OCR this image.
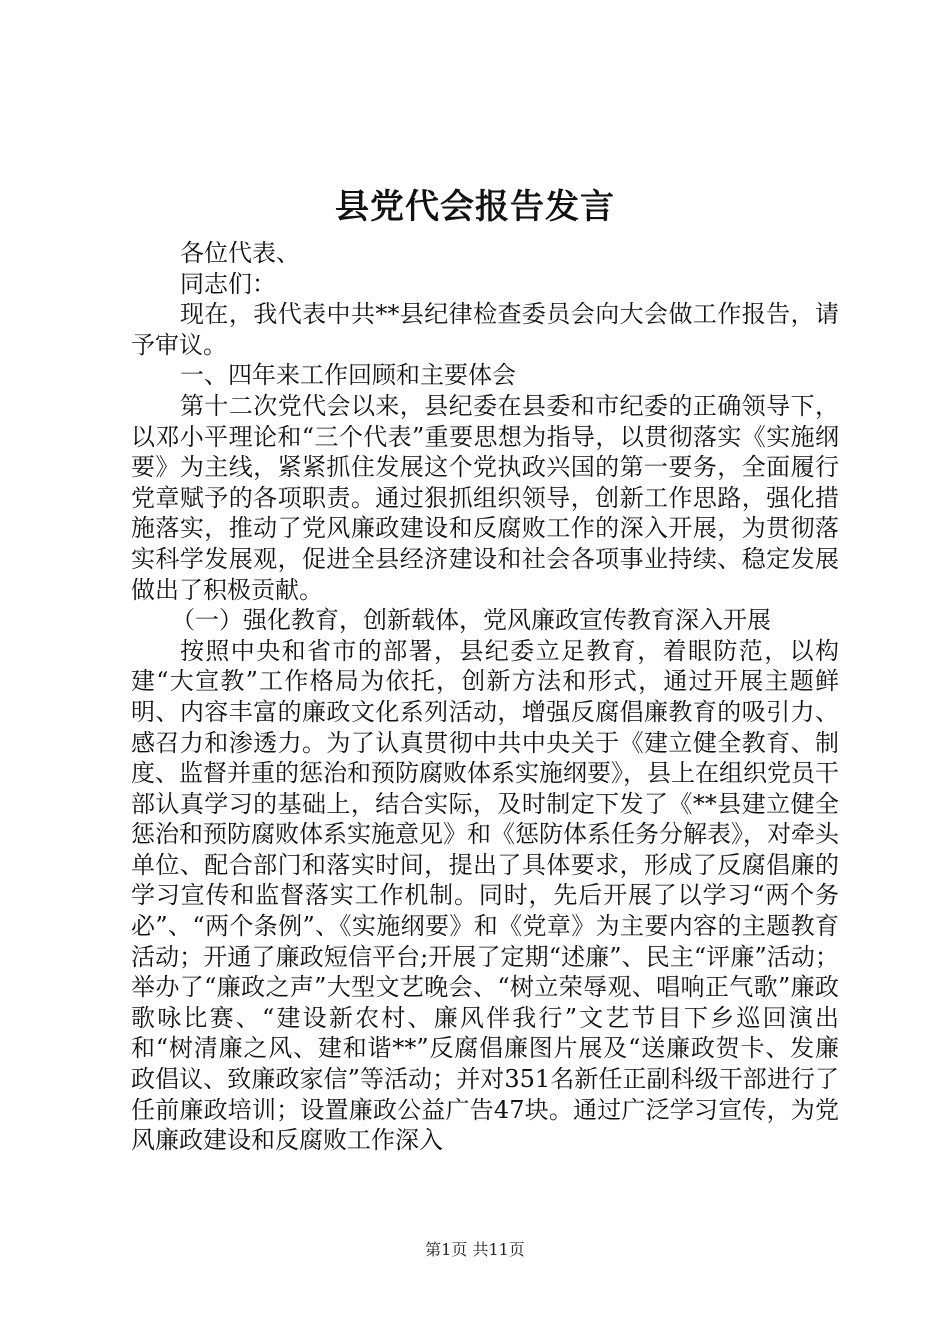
县党代会报告发言

各位代表、

同志们：

现在，我代表中共**县纪律检查委员会向大会做工作报告，请予审议。

一、四年来工作回顾和主要体会

第十二次党代会以来，县纪委在县委和市纪委的正确领导下，以邓小平理论和“三个代表”重要思想为指导，以贯彻落实《实施纲要》为主线，紧紧抓住发展这个党执政兴国的第一要务，全面履行党章赋予的各项职责。通过狠抓组织领导，创新工作思路，强化措施落实，推动了党风廉政建设和反腐败工作的深入开展，为贯彻落实科学发展观，促进全县经济建设和社会各项事业持续、稳定发展做出了积极贡献。

（一）强化教育，创新载体，党风廉政宣传教育深入开展

按照中央和省市的部署，县纪委立足教育，着眼防范，以构建“大宣教”工作格局为依托，创新方法和形式，通过开展主题鲜明、内容丰富的廉政文化系列活动，增强反腐倡廉教育的吸引力、感召力和渗透力。为了认真贯彻中共中央关于《建立健全教育、制度、监督并重的惩治和预防腐败体系实施纲要》，县上在组织党员干部认真学习的基础上，结合实际，及时制定下发了《**县建立健全惩治和预防腐败体系实施意见》和《惩防体系任务分解表》，对牵头单位、配合部门和落实时间，提出了具体要求，形成了反腐倡廉的学习宣传和监督落实工作机制。同时，先后开展了以学习“两个务必”、“两个条例”、《实施纲要》和《党章》为主要内容的主题教育活动；开通了廉政短信平台;开展了定期“述廉”、民主“评廉”活动；举办了“廉政之声”大型文艺晚会、“树立荣辱观、唱响正气歌”廉政歌咏比赛、“建设新农村、廉风伴我行”文艺节目下乡巡回演出和“树清廉之风、建和谐**”反腐倡廉图片展及“送廉政贺卡、发廉政倡议、致廉政家信”等活动；并对351名新任正副科级干部进行了任前廉政培训；设置廉政公益广告47块。通过广泛学习宣传，为党风廉政建设和反腐败工作深入

第1页 共11页
